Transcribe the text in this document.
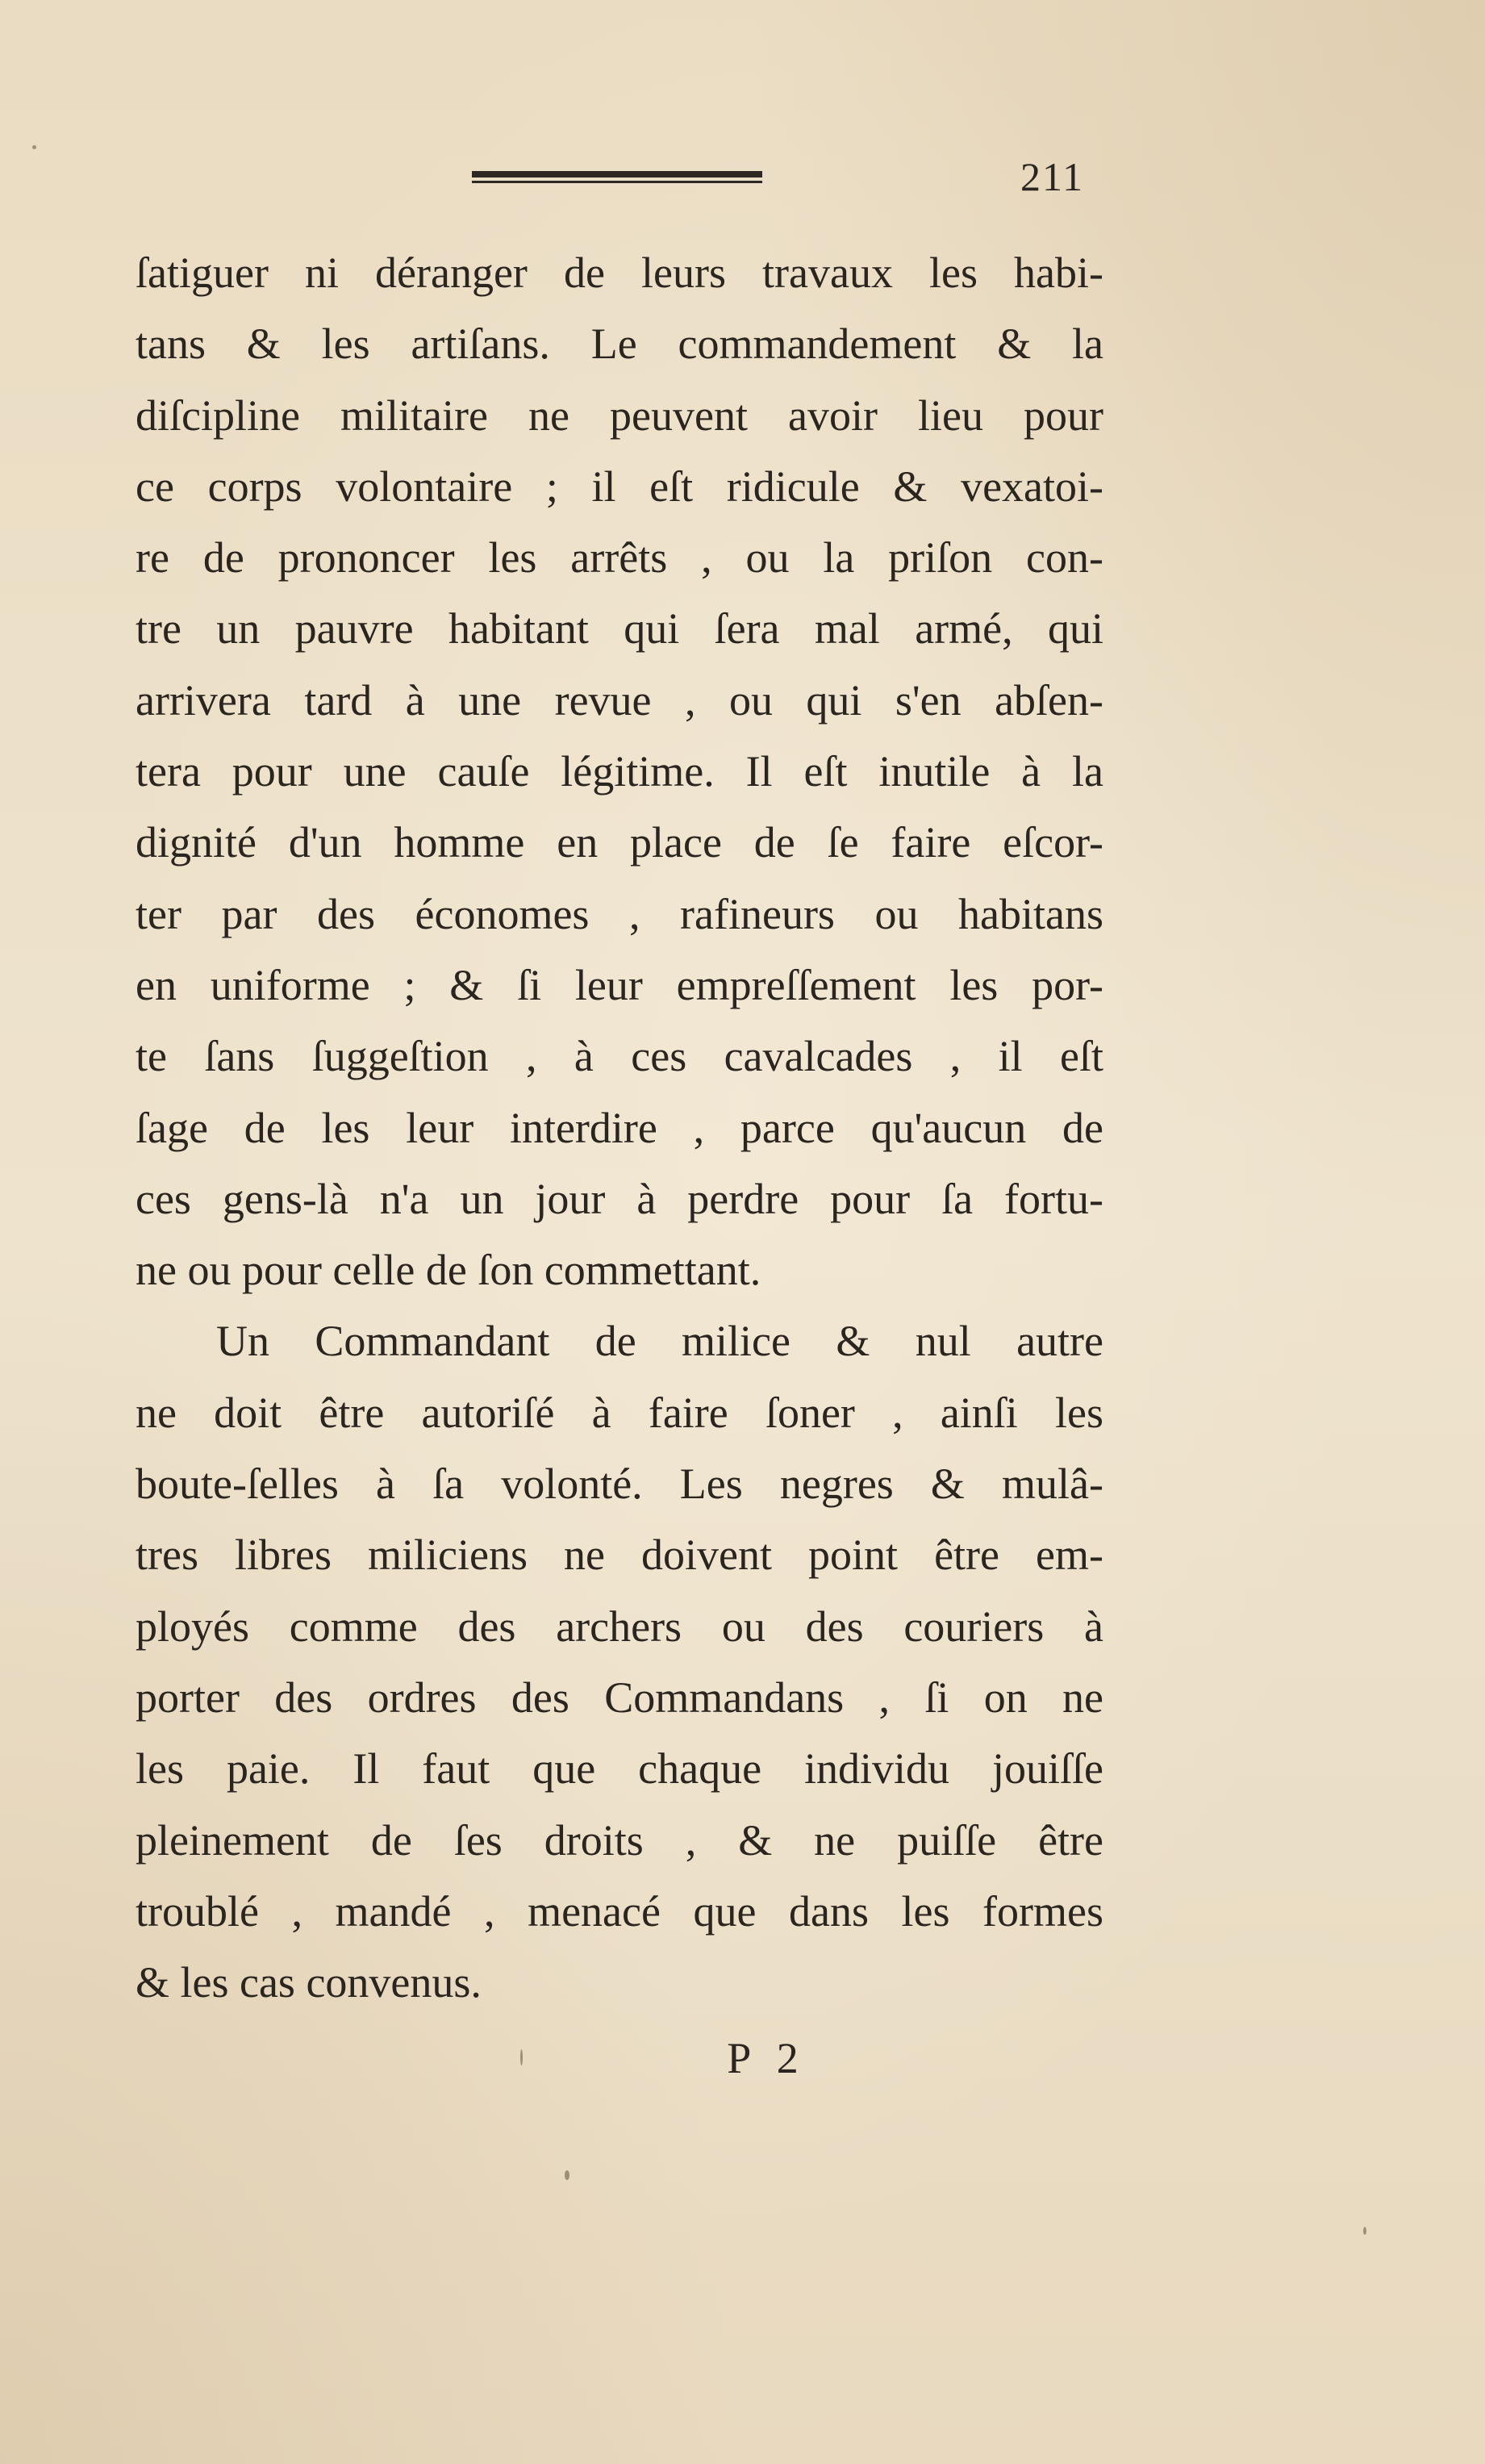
211
ſatiguer ni déranger de leurs travaux les habi-
tans & les artiſans. Le commandement & la
diſcipline militaire ne peuvent avoir lieu pour
ce corps volontaire ; il eſt ridicule & vexatoi-
re de prononcer les arrêts , ou la priſon con-
tre un pauvre habitant qui ſera mal armé, qui
arrivera tard à une revue , ou qui s'en abſen-
tera pour une cauſe légitime. Il eſt inutile à la
dignité d'un homme en place de ſe faire eſcor-
ter par des économes , rafineurs ou habitans
en uniforme ; & ſi leur empreſſement les por-
te ſans ſuggeſtion , à ces cavalcades , il eſt
ſage de les leur interdire , parce qu'aucun de
ces gens-là n'a un jour à perdre pour ſa fortu-
ne ou pour celle de ſon commettant.
Un Commandant de milice & nul autre
ne doit être autoriſé à faire ſoner , ainſi les
boute-ſelles à ſa volonté. Les negres & mulâ-
tres libres miliciens ne doivent point être em-
ployés comme des archers ou des couriers à
porter des ordres des Commandans , ſi on ne
les paie. Il faut que chaque individu jouiſſe
pleinement de ſes droits , & ne puiſſe être
troublé , mandé , menacé que dans les formes
& les cas convenus.
P 2
